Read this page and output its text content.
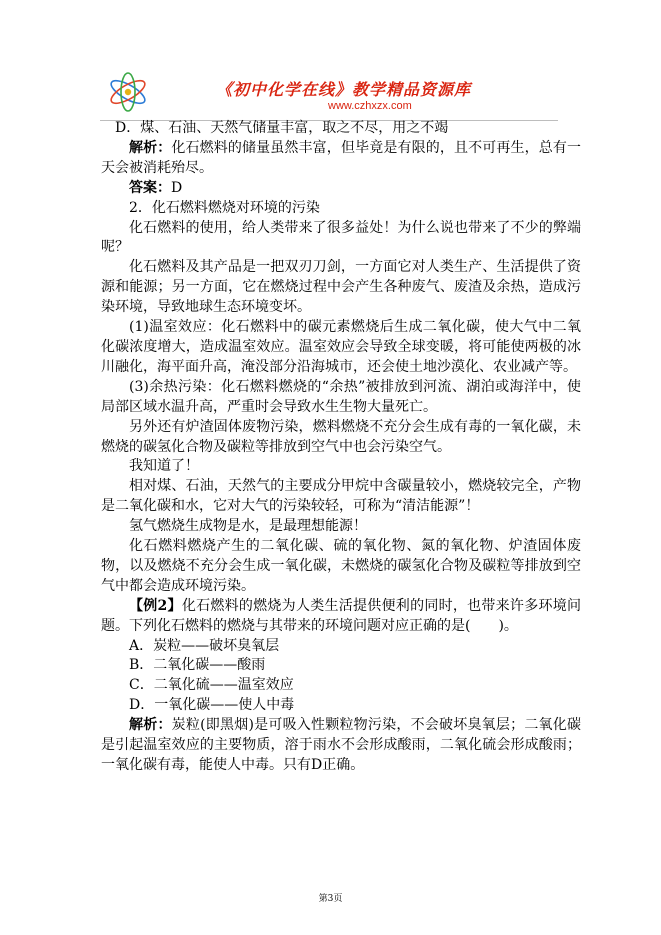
《初中化学在线》教学精品资源库
www.czhxzx.com

D．煤、石油、天然气储量丰富，取之不尽，用之不竭

解析：化石燃料的储量虽然丰富，但毕竟是有限的，且不可再生，总有一天会被消耗殆尽。

答案：D

2．化石燃料燃烧对环境的污染

化石燃料的使用，给人类带来了很多益处！为什么说也带来了不少的弊端呢？

化石燃料及其产品是一把双刃刀剑，一方面它对人类生产、生活提供了资源和能源；另一方面，它在燃烧过程中会产生各种废气、废渣及余热，造成污染环境，导致地球生态环境变坏。

(1)温室效应：化石燃料中的碳元素燃烧后生成二氧化碳，使大气中二氧化碳浓度增大，造成温室效应。温室效应会导致全球变暖，将可能使两极的冰川融化，海平面升高，淹没部分沿海城市，还会使土地沙漠化、农业减产等。

(3)余热污染：化石燃料燃烧的“余热”被排放到河流、湖泊或海洋中，使局部区域水温升高，严重时会导致水生生物大量死亡。

另外还有炉渣固体废物污染，燃料燃烧不充分会生成有毒的一氧化碳，未燃烧的碳氢化合物及碳粒等排放到空气中也会污染空气。

我知道了！

相对煤、石油，天然气的主要成分甲烷中含碳量较小，燃烧较完全，产物是二氧化碳和水，它对大气的污染较轻，可称为“清洁能源”！

氢气燃烧生成物是水，是最理想能源！

化石燃料燃烧产生的二氧化碳、硫的氧化物、氮的氧化物、炉渣固体废物，以及燃烧不充分会生成一氧化碳，未燃烧的碳氢化合物及碳粒等排放到空气中都会造成环境污染。

【例2】化石燃料的燃烧为人类生活提供便利的同时，也带来许多环境问题。下列化石燃料的燃烧与其带来的环境问题对应正确的是(　　)。

A．炭粒——破坏臭氧层

B．二氧化碳——酸雨

C．二氧化硫——温室效应

D．一氧化碳——使人中毒

解析：炭粒(即黑烟)是可吸入性颗粒物污染，不会破坏臭氧层；二氧化碳是引起温室效应的主要物质，溶于雨水不会形成酸雨，二氧化硫会形成酸雨；一氧化碳有毒，能使人中毒。只有D正确。

第3页
